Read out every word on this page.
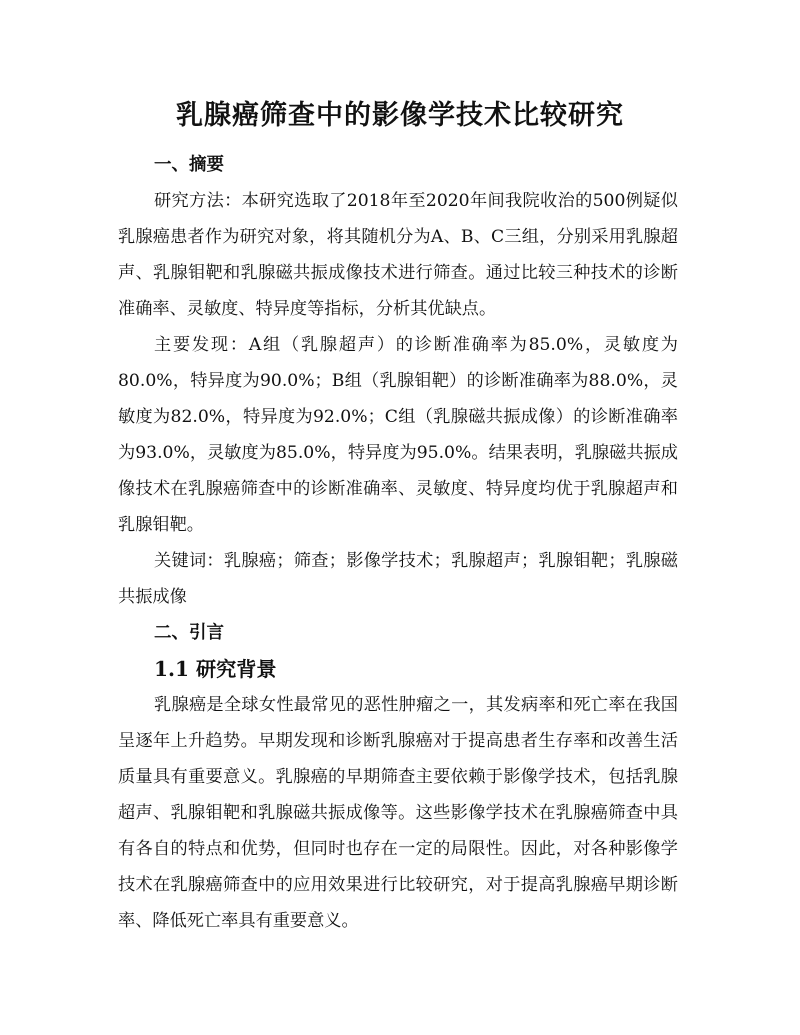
乳腺癌筛查中的影像学技术比较研究
一、摘要

研究方法：本研究选取了2018年至2020年间我院收治的500例疑似乳腺癌患者作为研究对象，将其随机分为A、B、C三组，分别采用乳腺超声、乳腺钼靶和乳腺磁共振成像技术进行筛查。通过比较三种技术的诊断准确率、灵敏度、特异度等指标，分析其优缺点。

主要发现：A组（乳腺超声）的诊断准确率为85.0%，灵敏度为80.0%，特异度为90.0%；B组（乳腺钼靶）的诊断准确率为88.0%，灵敏度为82.0%，特异度为92.0%；C组（乳腺磁共振成像）的诊断准确率为93.0%，灵敏度为85.0%，特异度为95.0%。结果表明，乳腺磁共振成像技术在乳腺癌筛查中的诊断准确率、灵敏度、特异度均优于乳腺超声和乳腺钼靶。

关键词：乳腺癌；筛查；影像学技术；乳腺超声；乳腺钼靶；乳腺磁共振成像

二、引言
1.1 研究背景

乳腺癌是全球女性最常见的恶性肿瘤之一，其发病率和死亡率在我国呈逐年上升趋势。早期发现和诊断乳腺癌对于提高患者生存率和改善生活质量具有重要意义。乳腺癌的早期筛查主要依赖于影像学技术，包括乳腺超声、乳腺钼靶和乳腺磁共振成像等。这些影像学技术在乳腺癌筛查中具有各自的特点和优势，但同时也存在一定的局限性。因此，对各种影像学技术在乳腺癌筛查中的应用效果进行比较研究，对于提高乳腺癌早期诊断率、降低死亡率具有重要意义。
